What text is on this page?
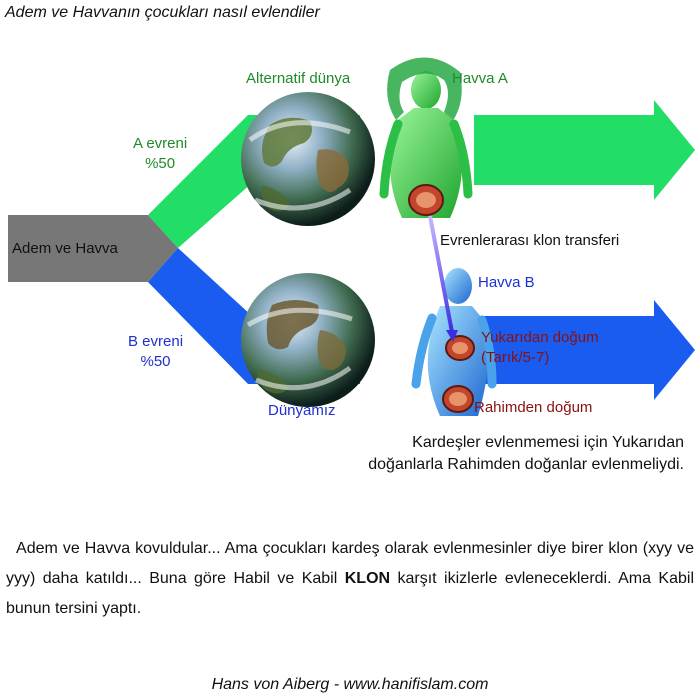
Adem ve Havvanın çocukları nasıl evlendiler
Alternatif dünya	Havva A
A evreni
%50
Adem ve Havva	Evrenlerarası klon transferi
Havva B
B evreni
%50
Yukarıdan doğum
(Tarık/5-7)
Rahimden doğum
Dünyamız
Kardeşler evlenmemesi için Yukarıdan
doğanlarla Rahimden doğanlar evlenmeliydi.
Adem ve Havva kovuldular... Ama çocukları kardeş olarak evlenmesinler diye birer klon (xyy ve yyy) daha katıldı... Buna göre Habil ve Kabil KLON karşıt ikizlerle evleneceklerdi. Ama Kabil bunun tersini yaptı.
Hans von Aiberg - www.hanifislam.com
